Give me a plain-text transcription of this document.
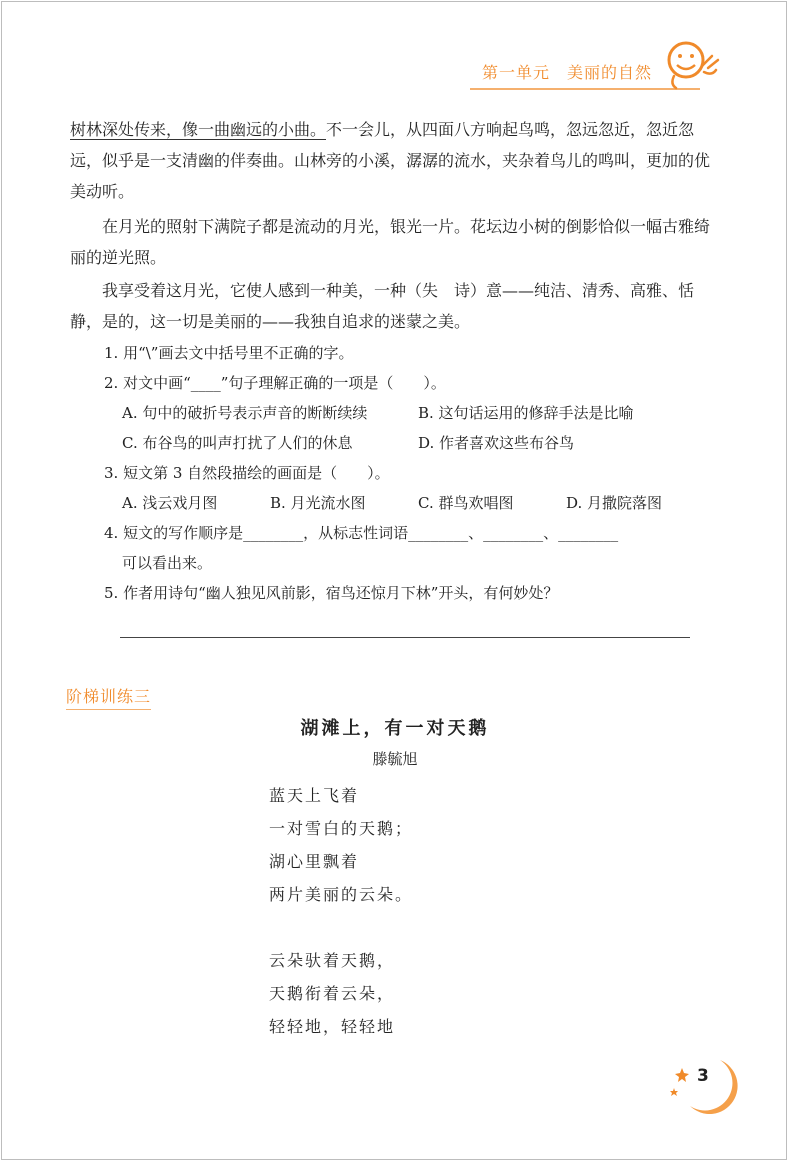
第一单元　美丽的自然

树林深处传来，像一曲幽远的小曲。不一会儿，从四面八方响起鸟鸣，忽远忽近，忽近忽远，似乎是一支清幽的伴奏曲。山林旁的小溪，潺潺的流水，夹杂着鸟儿的鸣叫，更加的优美动听。

在月光的照射下满院子都是流动的月光，银光一片。花坛边小树的倒影恰似一幅古雅绮丽的逆光照。

我享受着这月光，它使人感到一种美，一种（失　诗）意——纯洁、清秀、高雅、恬静，是的，这一切是美丽的——我独自追求的迷蒙之美。

1. 用“\”画去文中括号里不正确的字。

2. 对文中画“____”句子理解正确的一项是（　　）。

A. 句中的破折号表示声音的断断续续	B. 这句话运用的修辞手法是比喻
C. 布谷鸟的叫声打扰了人们的休息	D. 作者喜欢这些布谷鸟

3. 短文第 3 自然段描绘的画面是（　　）。

A. 浅云戏月图	B. 月光流水图	C. 群鸟欢唱图	D. 月撒院落图

4. 短文的写作顺序是________，从标志性词语________、________、________

可以看出来。

5. 作者用诗句“幽人独见风前影，宿鸟还惊月下林”开头，有何妙处？

阶梯训练三
湖滩上，有一对天鹅
滕毓旭

蓝天上飞着

一对雪白的天鹅；

湖心里飘着

两片美丽的云朵。

云朵驮着天鹅，

天鹅衔着云朵，

轻轻地，轻轻地

3
